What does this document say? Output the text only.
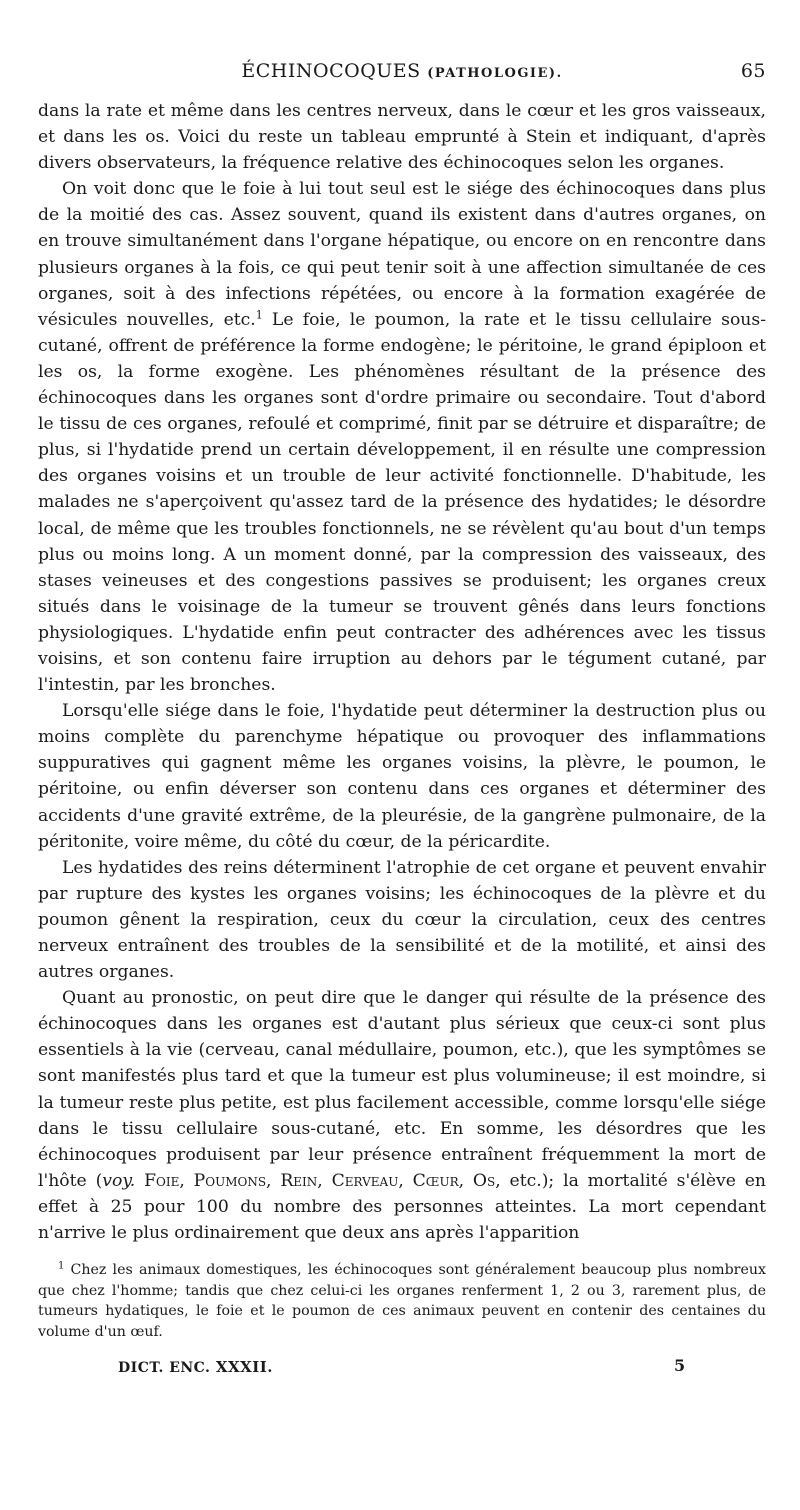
ÉCHINOCOQUES (PATHOLOGIE).	65

dans la rate et même dans les centres nerveux, dans le cœur et les gros vaisseaux, et dans les os. Voici du reste un tableau emprunté à Stein et indiquant, d'après divers observateurs, la fréquence relative des échinocoques selon les organes.

On voit donc que le foie à lui tout seul est le siége des échinocoques dans plus de la moitié des cas. Assez souvent, quand ils existent dans d'autres organes, on en trouve simultanément dans l'organe hépatique, ou encore on en rencontre dans plusieurs organes à la fois, ce qui peut tenir soit à une affection simultanée de ces organes, soit à des infections répétées, ou encore à la formation exagérée de vésicules nouvelles, etc.$^1$ Le foie, le poumon, la rate et le tissu cellulaire sous-cutané, offrent de préférence la forme endogène; le péritoine, le grand épiploon et les os, la forme exogène. Les phénomènes résultant de la présence des échinocoques dans les organes sont d'ordre primaire ou secondaire. Tout d'abord le tissu de ces organes, refoulé et comprimé, finit par se détruire et disparaître; de plus, si l'hydatide prend un certain développement, il en résulte une compression des organes voisins et un trouble de leur activité fonctionnelle. D'habitude, les malades ne s'aperçoivent qu'assez tard de la présence des hydatides; le désordre local, de même que les troubles fonctionnels, ne se révèlent qu'au bout d'un temps plus ou moins long. A un moment donné, par la compression des vaisseaux, des stases veineuses et des congestions passives se produisent; les organes creux situés dans le voisinage de la tumeur se trouvent gênés dans leurs fonctions physiologiques. L'hydatide enfin peut contracter des adhérences avec les tissus voisins, et son contenu faire irruption au dehors par le tégument cutané, par l'intestin, par les bronches.

Lorsqu'elle siége dans le foie, l'hydatide peut déterminer la destruction plus ou moins complète du parenchyme hépatique ou provoquer des inflammations suppuratives qui gagnent même les organes voisins, la plèvre, le poumon, le péritoine, ou enfin déverser son contenu dans ces organes et déterminer des accidents d'une gravité extrême, de la pleurésie, de la gangrène pulmonaire, de la péritonite, voire même, du côté du cœur, de la péricardite.

Les hydatides des reins déterminent l'atrophie de cet organe et peuvent envahir par rupture des kystes les organes voisins; les échinocoques de la plèvre et du poumon gênent la respiration, ceux du cœur la circulation, ceux des centres nerveux entraînent des troubles de la sensibilité et de la motilité, et ainsi des autres organes.

Quant au pronostic, on peut dire que le danger qui résulte de la présence des échinocoques dans les organes est d'autant plus sérieux que ceux-ci sont plus essentiels à la vie (cerveau, canal médullaire, poumon, etc.), que les symptômes se sont manifestés plus tard et que la tumeur est plus volumineuse; il est moindre, si la tumeur reste plus petite, est plus facilement accessible, comme lorsqu'elle siége dans le tissu cellulaire sous-cutané, etc. En somme, les désordres que les échinocoques produisent par leur présence entraînent fréquemment la mort de l'hôte (voy. Foie, Poumons, Rein, Cerveau, Cœur, Os, etc.); la mortalité s'élève en effet à 25 pour 100 du nombre des personnes atteintes. La mort cependant n'arrive le plus ordinairement que deux ans après l'apparition

$^1$ Chez les animaux domestiques, les échinocoques sont généralement beaucoup plus nombreux que chez l'homme; tandis que chez celui-ci les organes renferment 1, 2 ou 3, rarement plus, de tumeurs hydatiques, le foie et le poumon de ces animaux peuvent en contenir des centaines du volume d'un œuf.

DICT. ENC. XXXII.	5
